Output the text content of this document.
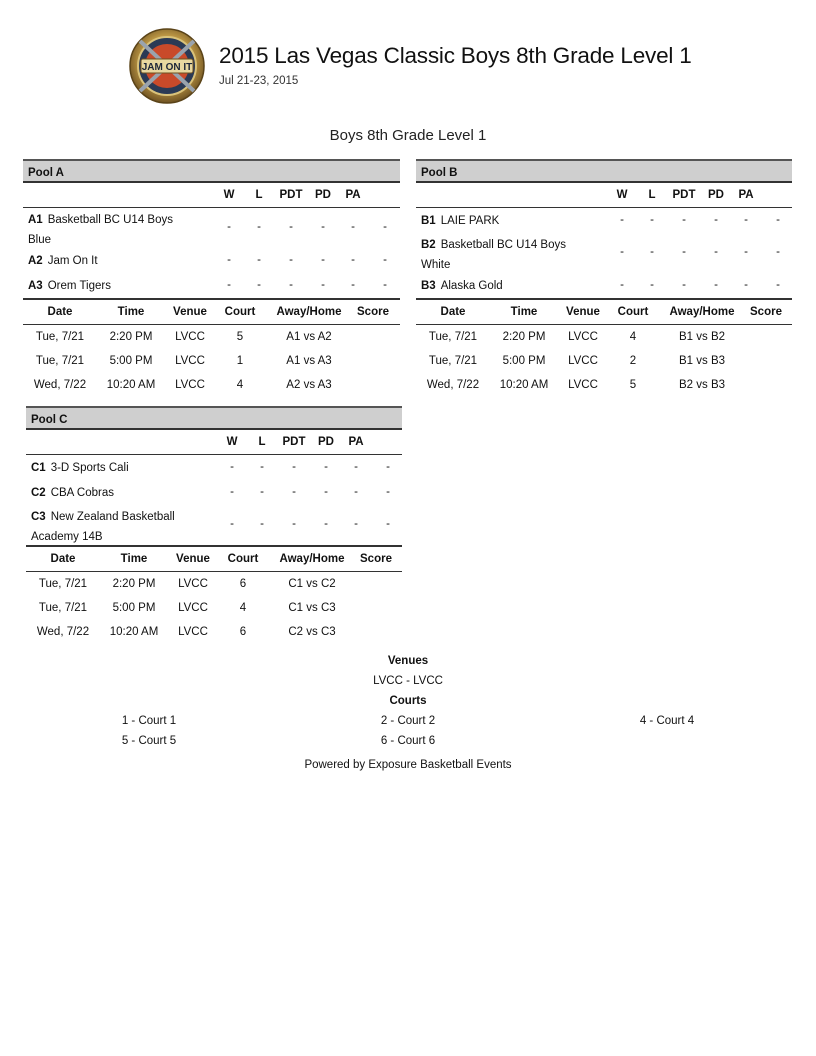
JAM ON IT 2015 Las Vegas Classic Boys 8th Grade Level 1
Jul 21-23, 2015
Boys 8th Grade Level 1
Pool A
W	L	PDT	PD	PA
A1 Basketball BC U14 Boys Blue
-	-	-	-	-	-
A2 Jam On It	-	-	-	-	-	-
A3 Orem Tigers	-	-	-	-	-	-
Date	Time Venue Court Away/Home Score
Tue, 7/21 2:20 PM LVCC	5	A1 vs A2
Tue, 7/21 5:00 PM LVCC	1	A1 vs A3
Wed, 7/22 10:20 AM LVCC	4	A2 vs A3
Pool B
W	L	PDT	PD	PA
B1 LAIE PARK	-	-	-	-	-	-
B2 Basketball BC U14 Boys White
-	-	-	-	-	-
B3 Alaska Gold	-	-	-	-	-	-
Date	Time Venue Court Away/Home Score
Tue, 7/21 2:20 PM LVCC	4	B1 vs B2
Tue, 7/21 5:00 PM LVCC	2	B1 vs B3
Wed, 7/22 10:20 AM LVCC	5	B2 vs B3
Pool C
W	L	PDT	PD	PA
C1 3-D Sports Cali	-	-	-	-	-	-
C2 CBA Cobras	-	-	-	-	-	-
C3 New Zealand Basketball Academy 14B
-	-	-	-	-	-
Date	Time Venue Court Away/Home Score
Tue, 7/21 2:20 PM LVCC	6	C1 vs C2
Tue, 7/21 5:00 PM LVCC	4	C1 vs C3
Wed, 7/22 10:20 AM LVCC	6	C2 vs C3
Venues
LVCC - LVCC
Courts
1 - Court 1	2 - Court 2	4 - Court 4
5 - Court 5	6 - Court 6
Powered by Exposure Basketball Events
